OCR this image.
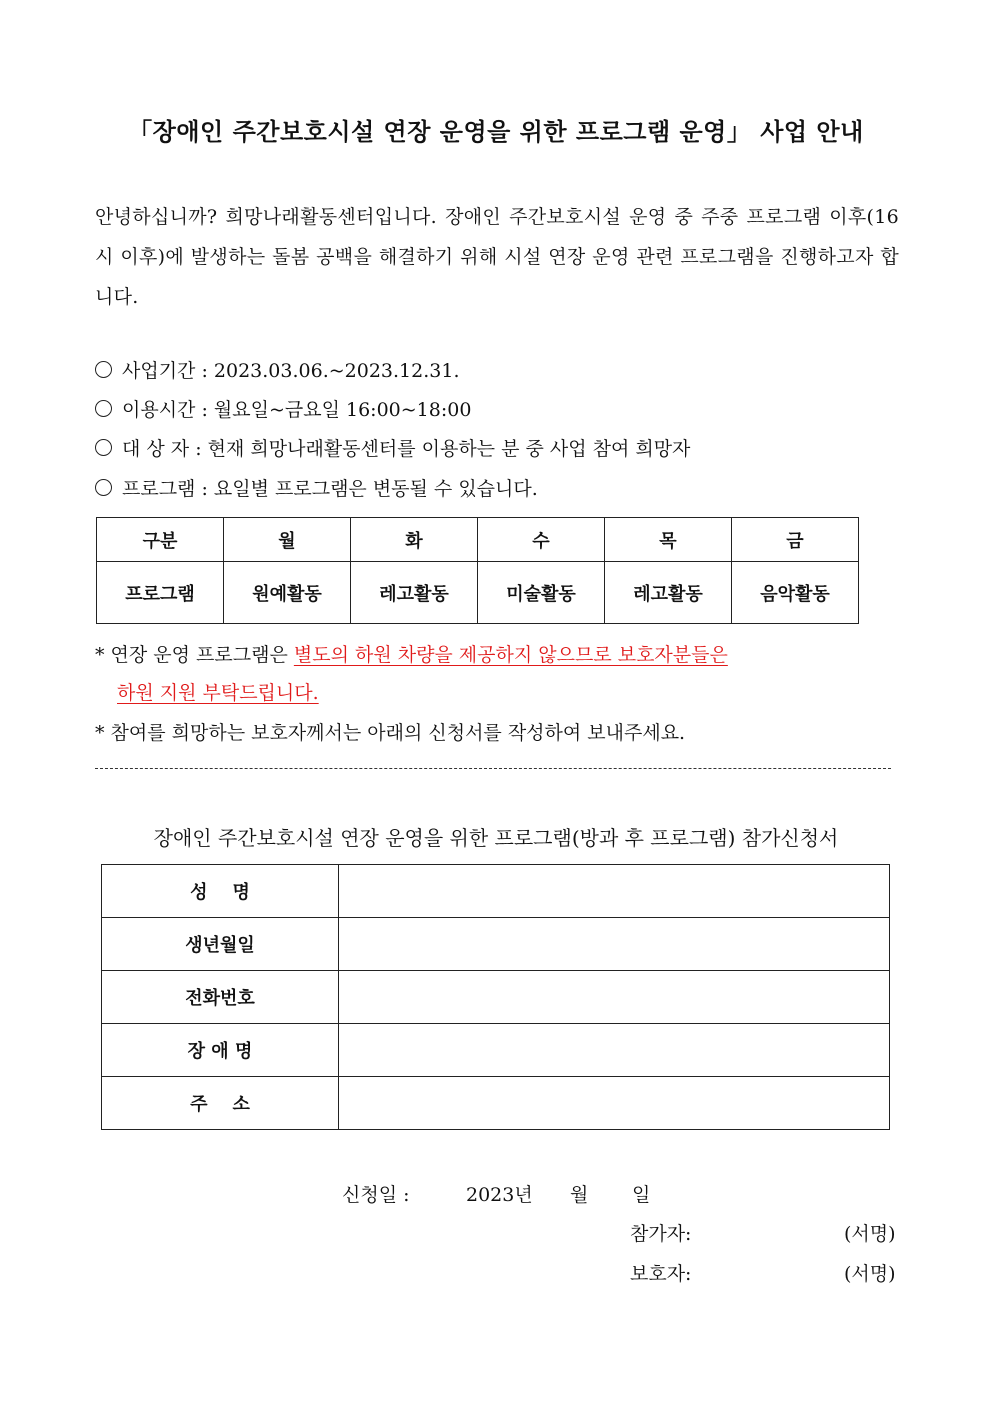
「장애인 주간보호시설 연장 운영을 위한 프로그램 운영」 사업 안내
안녕하십니까? 희망나래활동센터입니다. 장애인 주간보호시설 운영 중 주중 프로그램 이후(16시 이후)에 발생하는 돌봄 공백을 해결하기 위해 시설 연장 운영 관련 프로그램을 진행하고자 합니다.
사업기간 : 2023.03.06.~2023.12.31.
이용시간 : 월요일~금요일 16:00~18:00
대 상 자 : 현재 희망나래활동센터를 이용하는 분 중 사업 참여 희망자
프로그램 : 요일별 프로그램은 변동될 수 있습니다.
구분	월	화	수	목	금
프로그램	원예활동	레고활동	미술활동	레고활동	음악활동
* 연장 운영 프로그램은 별도의 하원 차량을 제공하지 않으므로 보호자분들은
하원 지원 부탁드립니다.
* 참여를 희망하는 보호자께서는 아래의 신청서를 작성하여 보내주세요.
장애인 주간보호시설 연장 운영을 위한 프로그램(방과 후 프로그램) 참가신청서
성    명	
생년월일	
전화번호	
장 애 명	
주    소	
신청일 :	2023년 월 일
참가자:	(서명)
보호자:	(서명)
